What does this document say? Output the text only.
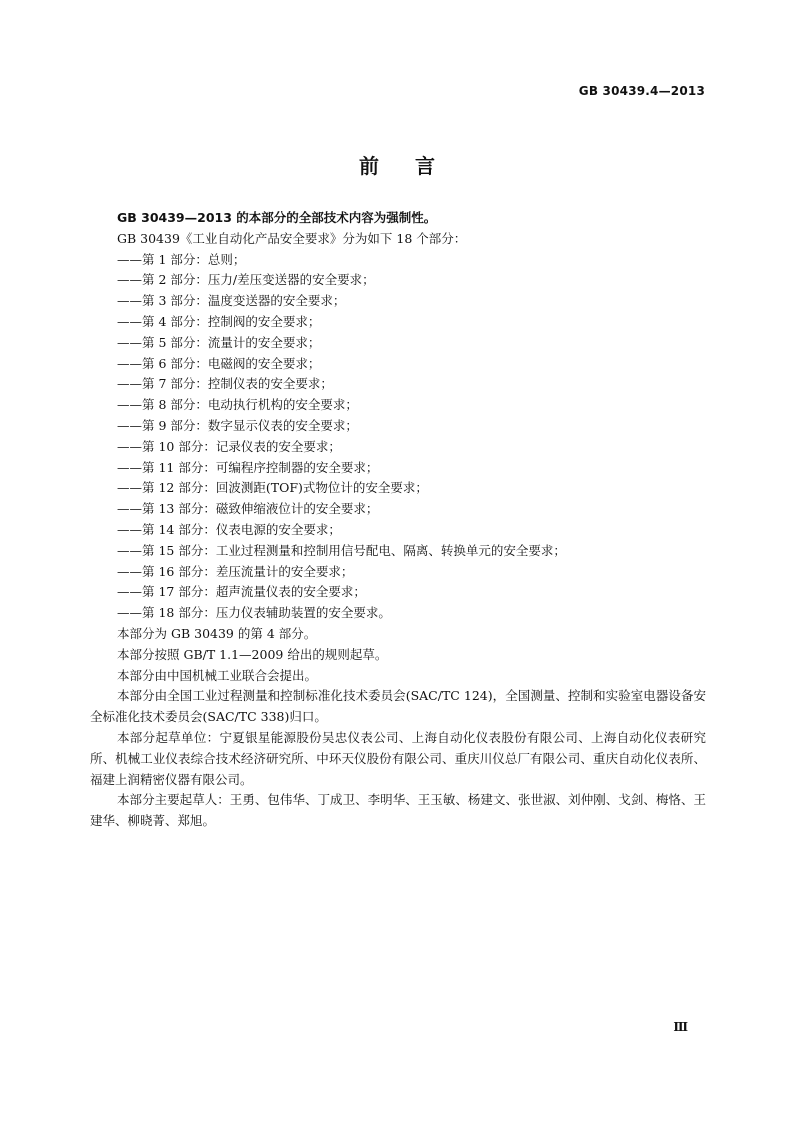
GB 30439.4—2013
前言

GB 30439—2013 的本部分的全部技术内容为强制性。

GB 30439《工业自动化产品安全要求》分为如下 18 个部分：

——第 1 部分：总则；
——第 2 部分：压力/差压变送器的安全要求；
——第 3 部分：温度变送器的安全要求；
——第 4 部分：控制阀的安全要求；
——第 5 部分：流量计的安全要求；
——第 6 部分：电磁阀的安全要求；
——第 7 部分：控制仪表的安全要求；
——第 8 部分：电动执行机构的安全要求；
——第 9 部分：数字显示仪表的安全要求；
——第 10 部分：记录仪表的安全要求；
——第 11 部分：可编程序控制器的安全要求；
——第 12 部分：回波测距(TOF)式物位计的安全要求；
——第 13 部分：磁致伸缩液位计的安全要求；
——第 14 部分：仪表电源的安全要求；
——第 15 部分：工业过程测量和控制用信号配电、隔离、转换单元的安全要求；
——第 16 部分：差压流量计的安全要求；
——第 17 部分：超声流量仪表的安全要求；
——第 18 部分：压力仪表辅助装置的安全要求。

本部分为 GB 30439 的第 4 部分。

本部分按照 GB/T 1.1—2009 给出的规则起草。

本部分由中国机械工业联合会提出。

本部分由全国工业过程测量和控制标准化技术委员会(SAC/TC 124)，全国测量、控制和实验室电器设备安全标准化技术委员会(SAC/TC 338)归口。

本部分起草单位：宁夏银星能源股份吴忠仪表公司、上海自动化仪表股份有限公司、上海自动化仪表研究所、机械工业仪表综合技术经济研究所、中环天仪股份有限公司、重庆川仪总厂有限公司、重庆自动化仪表所、福建上润精密仪器有限公司。

本部分主要起草人：王勇、包伟华、丁成卫、李明华、王玉敏、杨建文、张世淑、刘仲刚、戈剑、梅恪、王建华、柳晓菁、郑旭。

Ⅲ
